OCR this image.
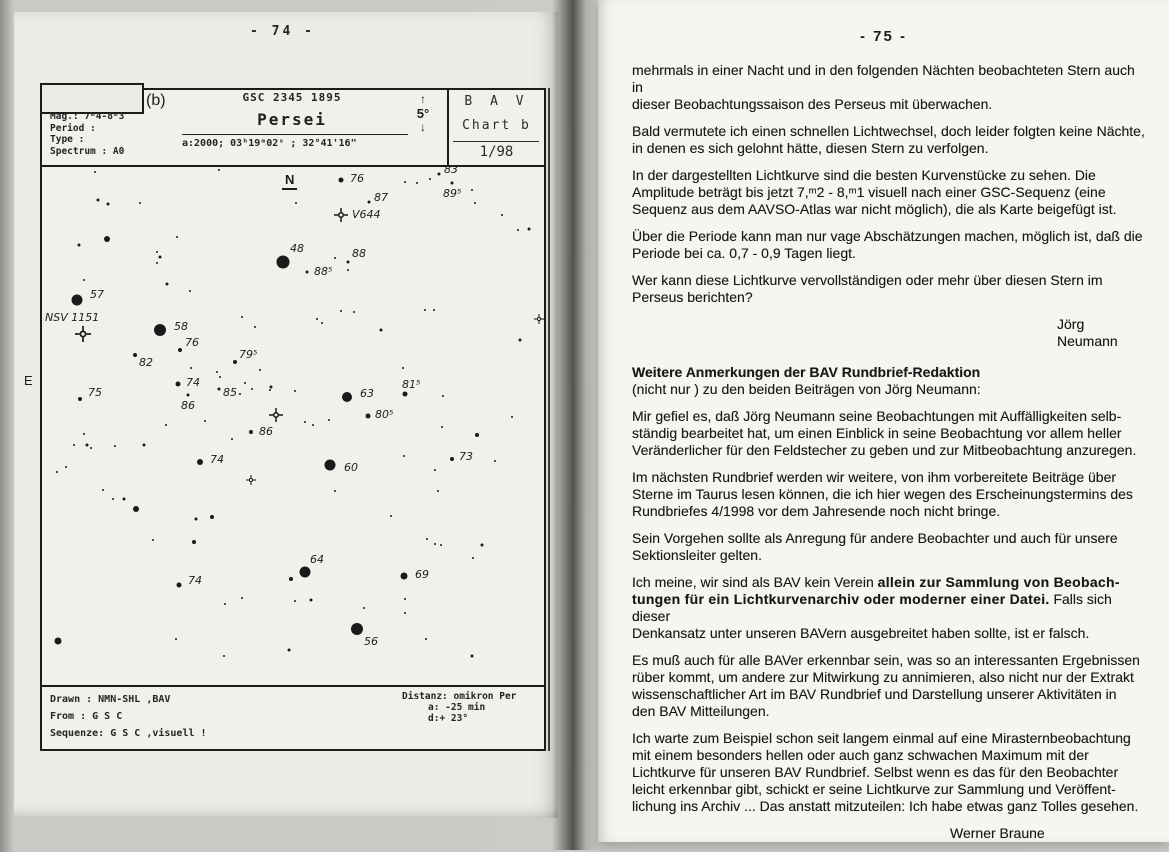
- 74 -
(b)
Mag.: 7ᵐ4-8ᵐ3
Period :
Type :
Spectrum : A0
GSC 2345 1895
Persei
a:2000; 03ʰ19ᵐ02ˢ ; 32°41'16"
↑
5°
↓
B A V
Chart b
1/98
N
E
48
57
58
76
82
79⁵
74
85
86
75
76
83
89⁵
87
88
88⁵
63
81⁵
80⁵
86
60
73
74
74
64
69
56
NSV 1151
V644
Drawn : NMN-SHL ,BAV
From : G S C
Sequenze: G S C ,visuell !
Distanz: omikron Per
a: -25 min
d:+ 23°
- 75 -

mehrmals in einer Nacht und in den folgenden Nächten beobachteten Stern auch in
dieser Beobachtungssaison des Perseus mit überwachen.

Bald vermutete ich einen schnellen Lichtwechsel, doch leider folgten keine Nächte,
in denen es sich gelohnt hätte, diesen Stern zu verfolgen.

In der dargestellten Lichtkurve sind die besten Kurvenstücke zu sehen. Die
Amplitude beträgt bis jetzt 7,ᵐ2 - 8,ᵐ1 visuell nach einer GSC-Sequenz (eine
Sequenz aus dem AAVSO-Atlas war nicht möglich), die als Karte beigefügt ist.

Über die Periode kann man nur vage Abschätzungen machen, möglich ist, daß die
Periode bei ca. 0,7 - 0,9 Tagen liegt.

Wer kann diese Lichtkurve vervollständigen oder mehr über diesen Stern im
Perseus berichten?

Jörg Neumann

Weitere Anmerkungen der BAV Rundbrief-Redaktion

(nicht nur ) zu den beiden Beiträgen von Jörg Neumann:

Mir gefiel es, daß Jörg Neumann seine Beobachtungen mit Auffälligkeiten selb-
ständig bearbeitet hat, um einen Einblick in seine Beobachtung vor allem heller
Veränderlicher für den Feldstecher zu geben und zur Mitbeobachtung anzuregen.

Im nächsten Rundbrief werden wir weitere, von ihm vorbereitete Beiträge über
Sterne im Taurus lesen können, die ich hier wegen des Erscheinungstermins des
Rundbriefes 4/1998 vor dem Jahresende noch nicht bringe.

Sein Vorgehen sollte als Anregung für andere Beobachter und auch für unsere
Sektionsleiter gelten.

Ich meine, wir sind als BAV kein Verein allein zur Sammlung von Beobach-
tungen für ein Lichtkurvenarchiv oder moderner einer Datei. Falls sich dieser
Denkansatz unter unseren BAVern ausgebreitet haben sollte, ist er falsch.

Es muß auch für alle BAVer erkennbar sein, was so an interessanten Ergebnissen
rüber kommt, um andere zur Mitwirkung zu annimieren, also nicht nur der Extrakt
wissenschaftlicher Art im BAV Rundbrief und Darstellung unserer Aktivitäten in
den BAV Mitteilungen.

Ich warte zum Beispiel schon seit langem einmal auf eine Mirasternbeobachtung
mit einem besonders hellen oder auch ganz schwachen Maximum mit der
Lichtkurve für unseren BAV Rundbrief. Selbst wenn es das für den Beobachter
leicht erkennbar gibt, schickt er seine Lichtkurve zur Sammlung und Veröffent-
lichung ins Archiv ... Das anstatt mitzuteilen: Ich habe etwas ganz Tolles gesehen.

Werner Braune
